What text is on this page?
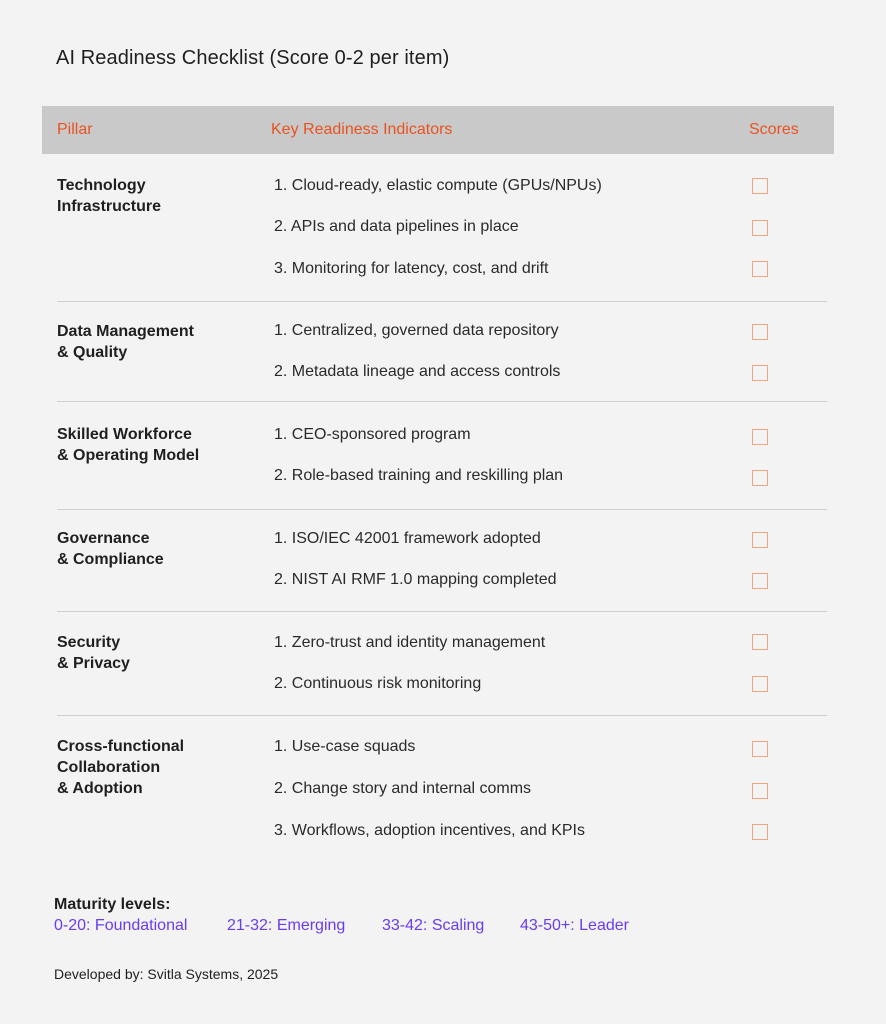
AI Readiness Checklist (Score 0-2 per item)
Pillar	Key Readiness Indicators	Scores
Technology
Infrastructure
1. Cloud-ready, elastic compute (GPUs/NPUs)
2. APIs and data pipelines in place
3. Monitoring for latency, cost, and drift
Data Management
& Quality
1. Centralized, governed data repository
2. Metadata lineage and access controls
Skilled Workforce
& Operating Model
1. CEO-sponsored program
2. Role-based training and reskilling plan
Governance
& Compliance
1. ISO/IEC 42001 framework adopted
2. NIST AI RMF 1.0 mapping completed
Security
& Privacy
1. Zero-trust and identity management
2. Continuous risk monitoring
Cross-functional
Collaboration
& Adoption
1. Use-case squads
2. Change story and internal comms
3. Workflows, adoption incentives, and KPIs
Maturity levels:
0-20: Foundational 21-32: Emerging 33-42: Scaling 43-50+: Leader
Developed by: Svitla Systems, 2025
